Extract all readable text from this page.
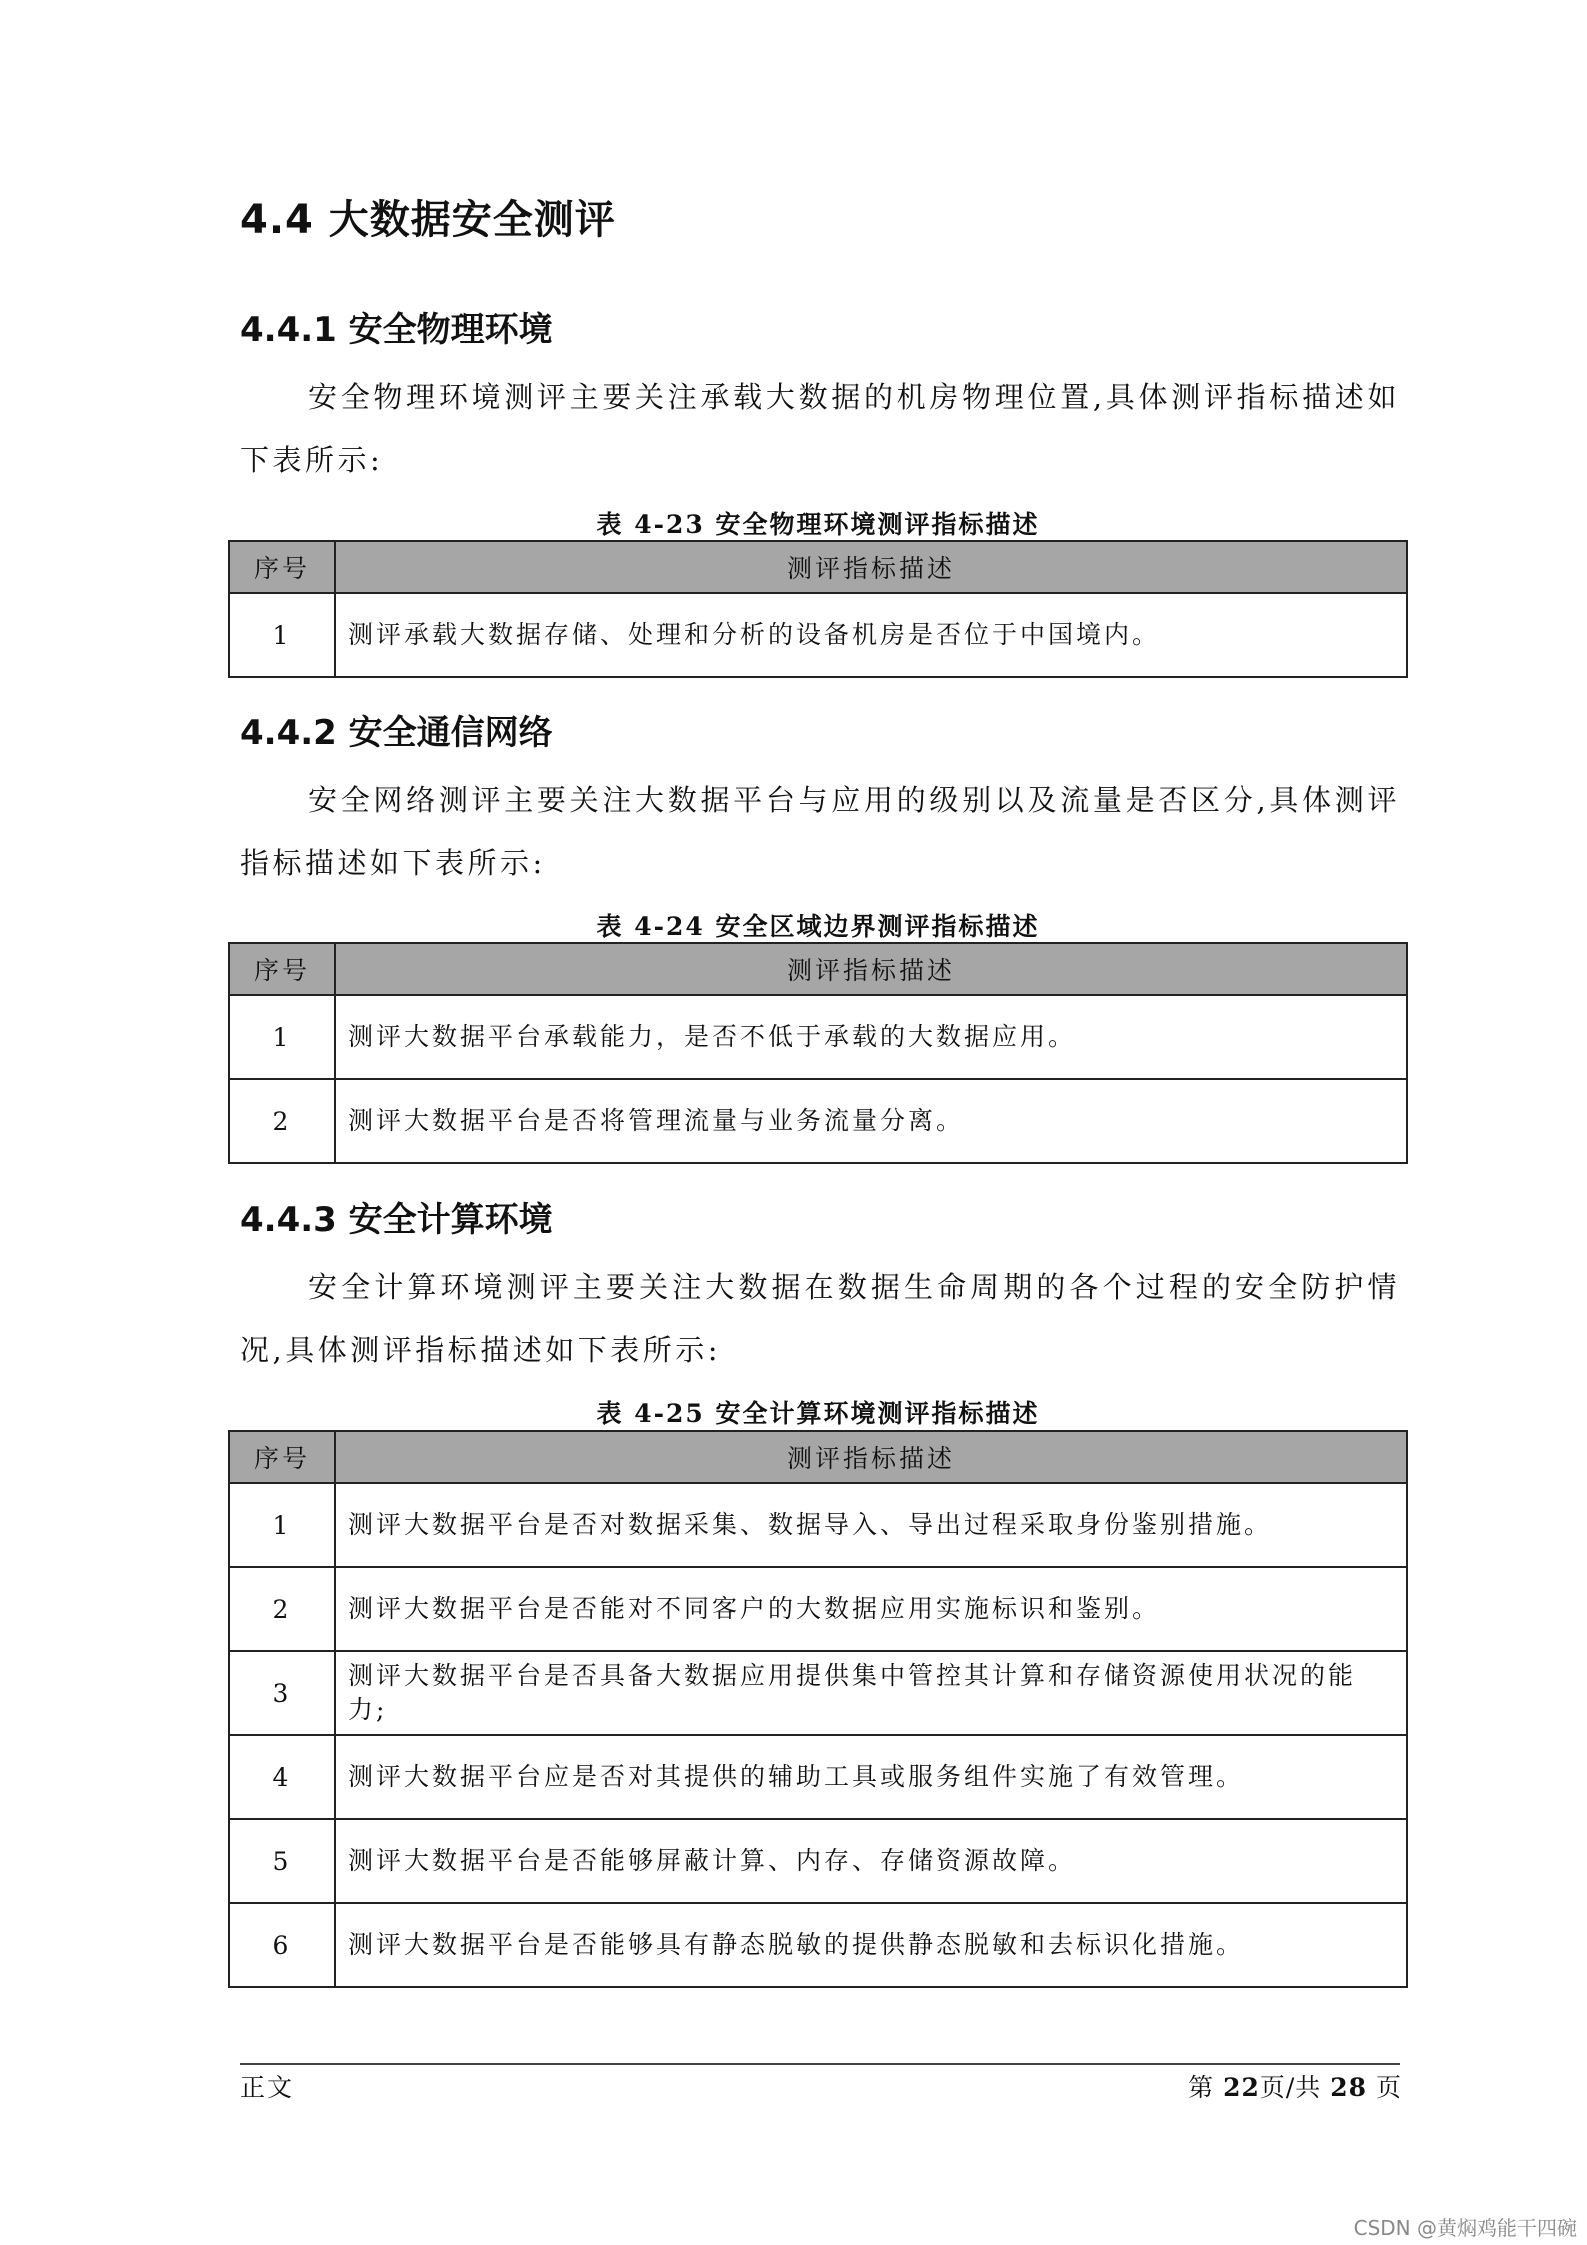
4.4 大数据安全测评
4.4.1 安全物理环境

安全物理环境测评主要关注承载大数据的机房物理位置,具体测评指标描述如下表所示:

表 4-23 安全物理环境测评指标描述
序号	测评指标描述
1	测评承载大数据存储、处理和分析的设备机房是否位于中国境内。
4.4.2 安全通信网络

安全网络测评主要关注大数据平台与应用的级别以及流量是否区分,具体测评指标描述如下表所示:

表 4-24 安全区域边界测评指标描述
序号	测评指标描述
1	测评大数据平台承载能力，是否不低于承载的大数据应用。
2	测评大数据平台是否将管理流量与业务流量分离。
4.4.3 安全计算环境

安全计算环境测评主要关注大数据在数据生命周期的各个过程的安全防护情况,具体测评指标描述如下表所示:

表 4-25 安全计算环境测评指标描述
序号	测评指标描述
1	测评大数据平台是否对数据采集、数据导入、导出过程采取身份鉴别措施。
2	测评大数据平台是否能对不同客户的大数据应用实施标识和鉴别。
3	测评大数据平台是否具备大数据应用提供集中管控其计算和存储资源使用状况的能力;
4	测评大数据平台应是否对其提供的辅助工具或服务组件实施了有效管理。
5	测评大数据平台是否能够屏蔽计算、内存、存储资源故障。
6	测评大数据平台是否能够具有静态脱敏的提供静态脱敏和去标识化措施。
正文	第 22页/共 28 页
CSDN @黄焖鸡能干四碗
